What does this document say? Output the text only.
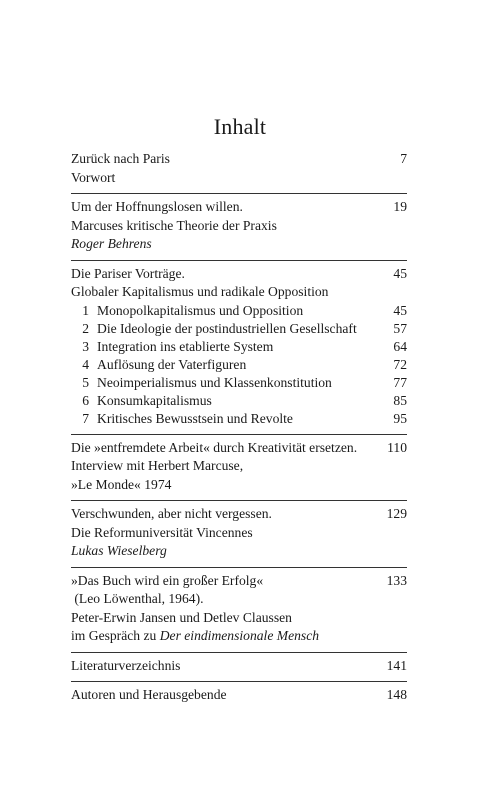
Inhalt
Zurück nach Paris	7
Vorwort
Um der Hoffnungslosen willen.	19
Marcuses kritische Theorie der Praxis
Roger Behrens
Die Pariser Vorträge.	45
Globaler Kapitalismus und radikale Opposition
1 Monopolkapitalismus und Opposition	45
2 Die Ideologie der postindustriellen Gesellschaft	57
3 Integration ins etablierte System	64
4 Auflösung der Vaterfiguren	72
5 Neoimperialismus und Klassenkonstitution	77
6 Konsumkapitalismus	85
7 Kritisches Bewusstsein und Revolte	95
Die »entfremdete Arbeit« durch Kreativität ersetzen. 110
Interview mit Herbert Marcuse,
»Le Monde« 1974
Verschwunden, aber nicht vergessen.	129
Die Reformuniversität Vincennes
Lukas Wieselberg
»Das Buch wird ein großer Erfolg«	133
(Leo Löwenthal, 1964).
Peter-Erwin Jansen und Detlev Claussen
im Gespräch zu Der eindimensionale Mensch
Literaturverzeichnis	141
Autoren und Herausgebende	148
